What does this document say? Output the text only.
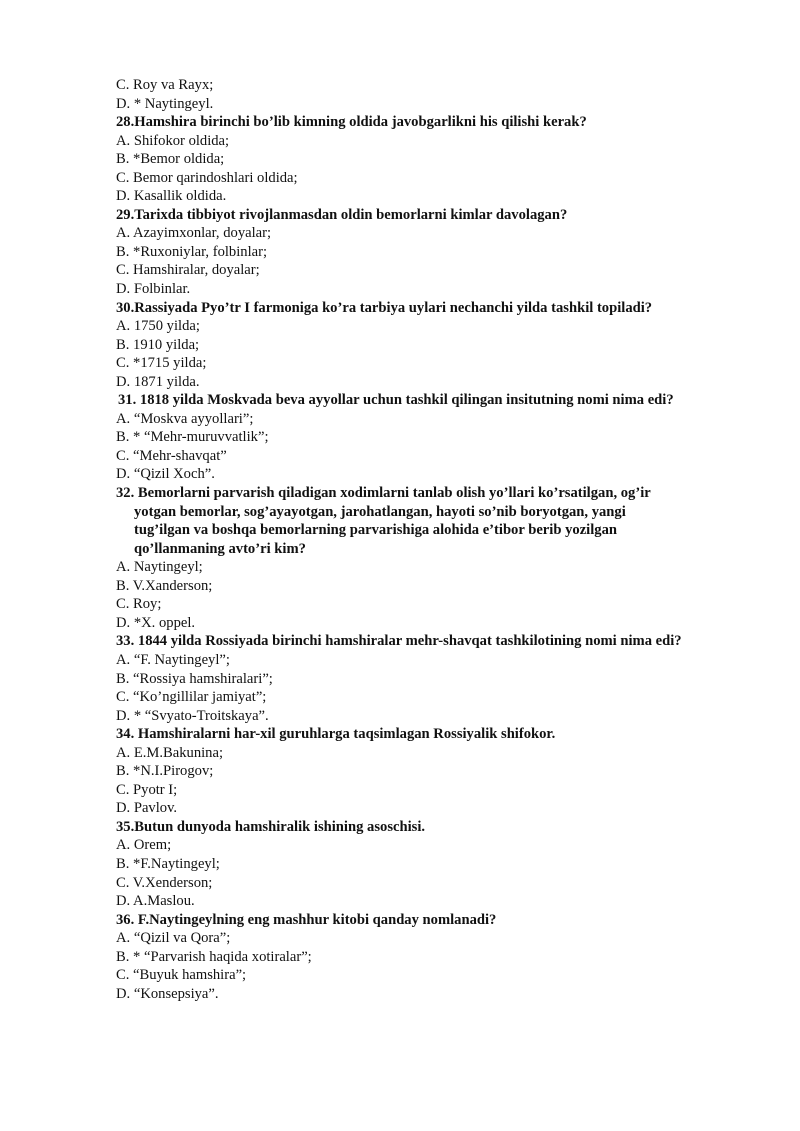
C. Roy va Rayx;
D. * Naytingeyl.
28.Hamshira birinchi bo’lib kimning oldida javobgarlikni his qilishi kerak?
A. Shifokor oldida;
B. *Bemor oldida;
C. Bemor qarindoshlari oldida;
D. Kasallik oldida.
29.Tarixda tibbiyot rivojlanmasdan oldin bemorlarni kimlar davolagan?
A. Azayimxonlar, doyalar;
B. *Ruxoniylar, folbinlar;
C. Hamshiralar, doyalar;
D. Folbinlar.
30.Rassiyada Pyo’tr I farmoniga ko’ra tarbiya uylari nechanchi yilda tashkil topiladi?
A. 1750 yilda;
B. 1910 yilda;
C. *1715 yilda;
D. 1871 yilda.
31. 1818 yilda Moskvada beva ayyollar uchun tashkil qilingan insitutning nomi nima edi?
A. “Moskva ayyollari”;
B. * “Mehr-muruvvatlik”;
C. “Mehr-shavqat”
D. “Qizil Xoch”.
32. Bemorlarni parvarish qiladigan xodimlarni tanlab olish yo’llari ko’rsatilgan, og’ir
yotgan bemorlar, sog’ayayotgan, jarohatlangan, hayoti so’nib boryotgan, yangi
tug’ilgan va boshqa bemorlarning parvarishiga alohida e’tibor berib yozilgan
qo’llanmaning avto’ri kim?
A. Naytingeyl;
B. V.Xanderson;
C. Roy;
D. *X. oppel.
33. 1844 yilda Rossiyada birinchi hamshiralar mehr-shavqat tashkilotining nomi nima edi?
A. “F. Naytingeyl”;
B. “Rossiya hamshiralari”;
C. “Ko’ngillilar jamiyat”;
D. * “Svyato-Troitskaya”.
34. Hamshiralarni har-xil guruhlarga taqsimlagan Rossiyalik shifokor.
A. E.M.Bakunina;
B. *N.I.Pirogov;
C. Pyotr I;
D. Pavlov.
35.Butun dunyoda hamshiralik ishining asoschisi.
A. Orem;
B. *F.Naytingeyl;
C. V.Xenderson;
D. A.Maslou.
36. F.Naytingeylning eng mashhur kitobi qanday nomlanadi?
A. “Qizil va Qora”;
B. * “Parvarish haqida xotiralar”;
C. “Buyuk hamshira”;
D. “Konsepsiya”.
